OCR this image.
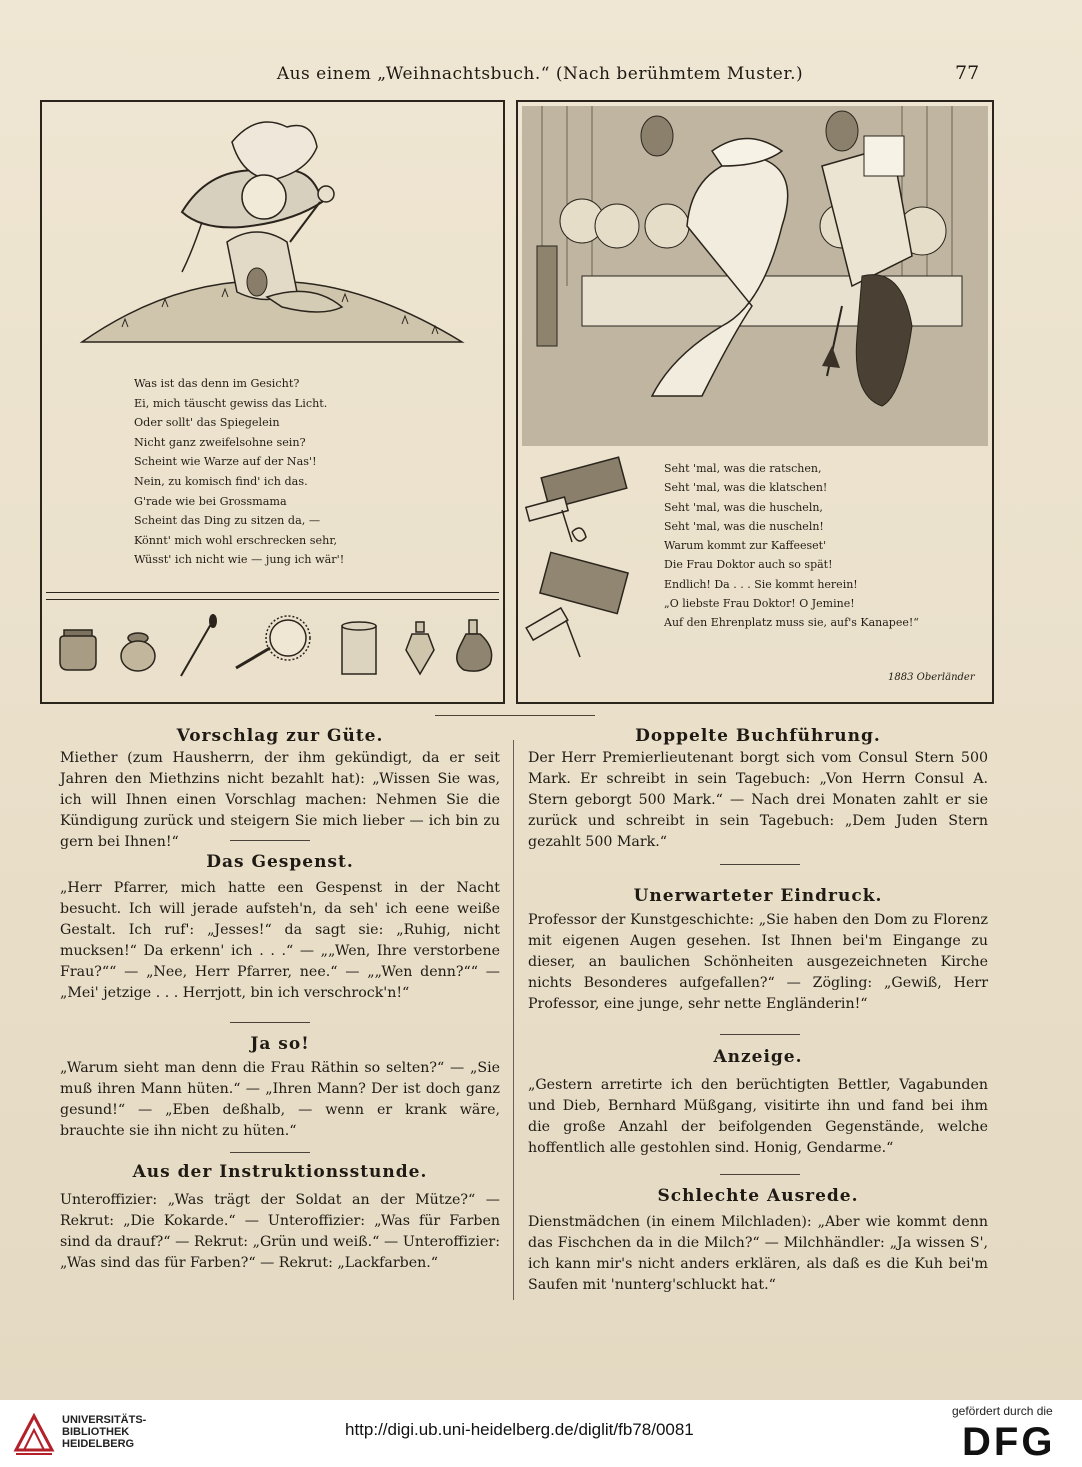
Aus einem „Weihnachtsbuch.“ (Nach berühmtem Muster.)	77
Was ist das denn im Gesicht?
Ei, mich täuscht gewiss das Licht.
Oder sollt' das Spiegelein
Nicht ganz zweifelsohne sein?
Scheint wie Warze auf der Nas'!
Nein, zu komisch find' ich das.
G'rade wie bei Grossmama
Scheint das Ding zu sitzen da, —
Könnt' mich wohl erschrecken sehr,
Wüsst' ich nicht wie — jung ich wär'!
Seht 'mal, was die ratschen,
Seht 'mal, was die klatschen!
Seht 'mal, was die huscheln,
Seht 'mal, was die nuscheln!
Warum kommt zur Kaffeeset'
Die Frau Doktor auch so spät!
Endlich! Da . . . Sie kommt herein!
„O liebste Frau Doktor! O Jemine!
Auf den Ehrenplatz muss sie, auf's Kanapee!“
1883 Oberländer
Vorschlag zur Güte.
Miether (zum Hausherrn, der ihm gekündigt, da er seit Jahren den Miethzins nicht bezahlt hat): „Wissen Sie was, ich will Ihnen einen Vorschlag machen: Nehmen Sie die Kündigung zurück und steigern Sie mich lieber — ich bin zu gern bei Ihnen!“
Das Gespenst.
„Herr Pfarrer, mich hatte een Gespenst in der Nacht besucht. Ich will jerade aufsteh'n, da seh' ich eene weiße Gestalt. Ich ruf': „Jesses!“ da sagt sie: „Ruhig, nicht mucksen!“ Da erkenn' ich . . .“ — „„Wen, Ihre verstorbene Frau?““ — „Nee, Herr Pfarrer, nee.“ — „„Wen denn?““ — „Mei' jetzige . . . Herrjott, bin ich verschrock'n!“
Ja so!
„Warum sieht man denn die Frau Räthin so selten?“ — „Sie muß ihren Mann hüten.“ — „Ihren Mann? Der ist doch ganz gesund!“ — „Eben deßhalb, — wenn er krank wäre, brauchte sie ihn nicht zu hüten.“
Aus der Instruktionsstunde.
Unteroffizier: „Was trägt der Soldat an der Mütze?“ — Rekrut: „Die Kokarde.“ — Unteroffizier: „Was für Farben sind da drauf?“ — Rekrut: „Grün und weiß.“ — Unteroffizier: „Was sind das für Farben?“ — Rekrut: „Lackfarben.“
Doppelte Buchführung.
Der Herr Premierlieutenant borgt sich vom Consul Stern 500 Mark. Er schreibt in sein Tagebuch: „Von Herrn Consul A. Stern geborgt 500 Mark.“ — Nach drei Monaten zahlt er sie zurück und schreibt in sein Tagebuch: „Dem Juden Stern gezahlt 500 Mark.“
Unerwarteter Eindruck.
Professor der Kunstgeschichte: „Sie haben den Dom zu Florenz mit eigenen Augen gesehen. Ist Ihnen bei'm Eingange zu dieser, an baulichen Schönheiten ausgezeichneten Kirche nichts Besonderes aufgefallen?“ — Zögling: „Gewiß, Herr Professor, eine junge, sehr nette Engländerin!“
Anzeige.
„Gestern arretirte ich den berüchtigten Bettler, Vagabunden und Dieb, Bernhard Müßgang, visitirte ihn und fand bei ihm die große Anzahl der beifolgenden Gegenstände, welche hoffentlich alle gestohlen sind. Honig, Gendarme.“
Schlechte Ausrede.
Dienstmädchen (in einem Milchladen): „Aber wie kommt denn das Fischchen da in die Milch?“ — Milchhändler: „Ja wissen S', ich kann mir's nicht anders erklären, als daß es die Kuh bei'm Saufen mit 'nunterg'schluckt hat.“
UNIVERSITÄTS-
BIBLIOTHEK
HEIDELBERG
http://digi.ub.uni-heidelberg.de/diglit/fb78/0081
gefördert durch die
DFG
